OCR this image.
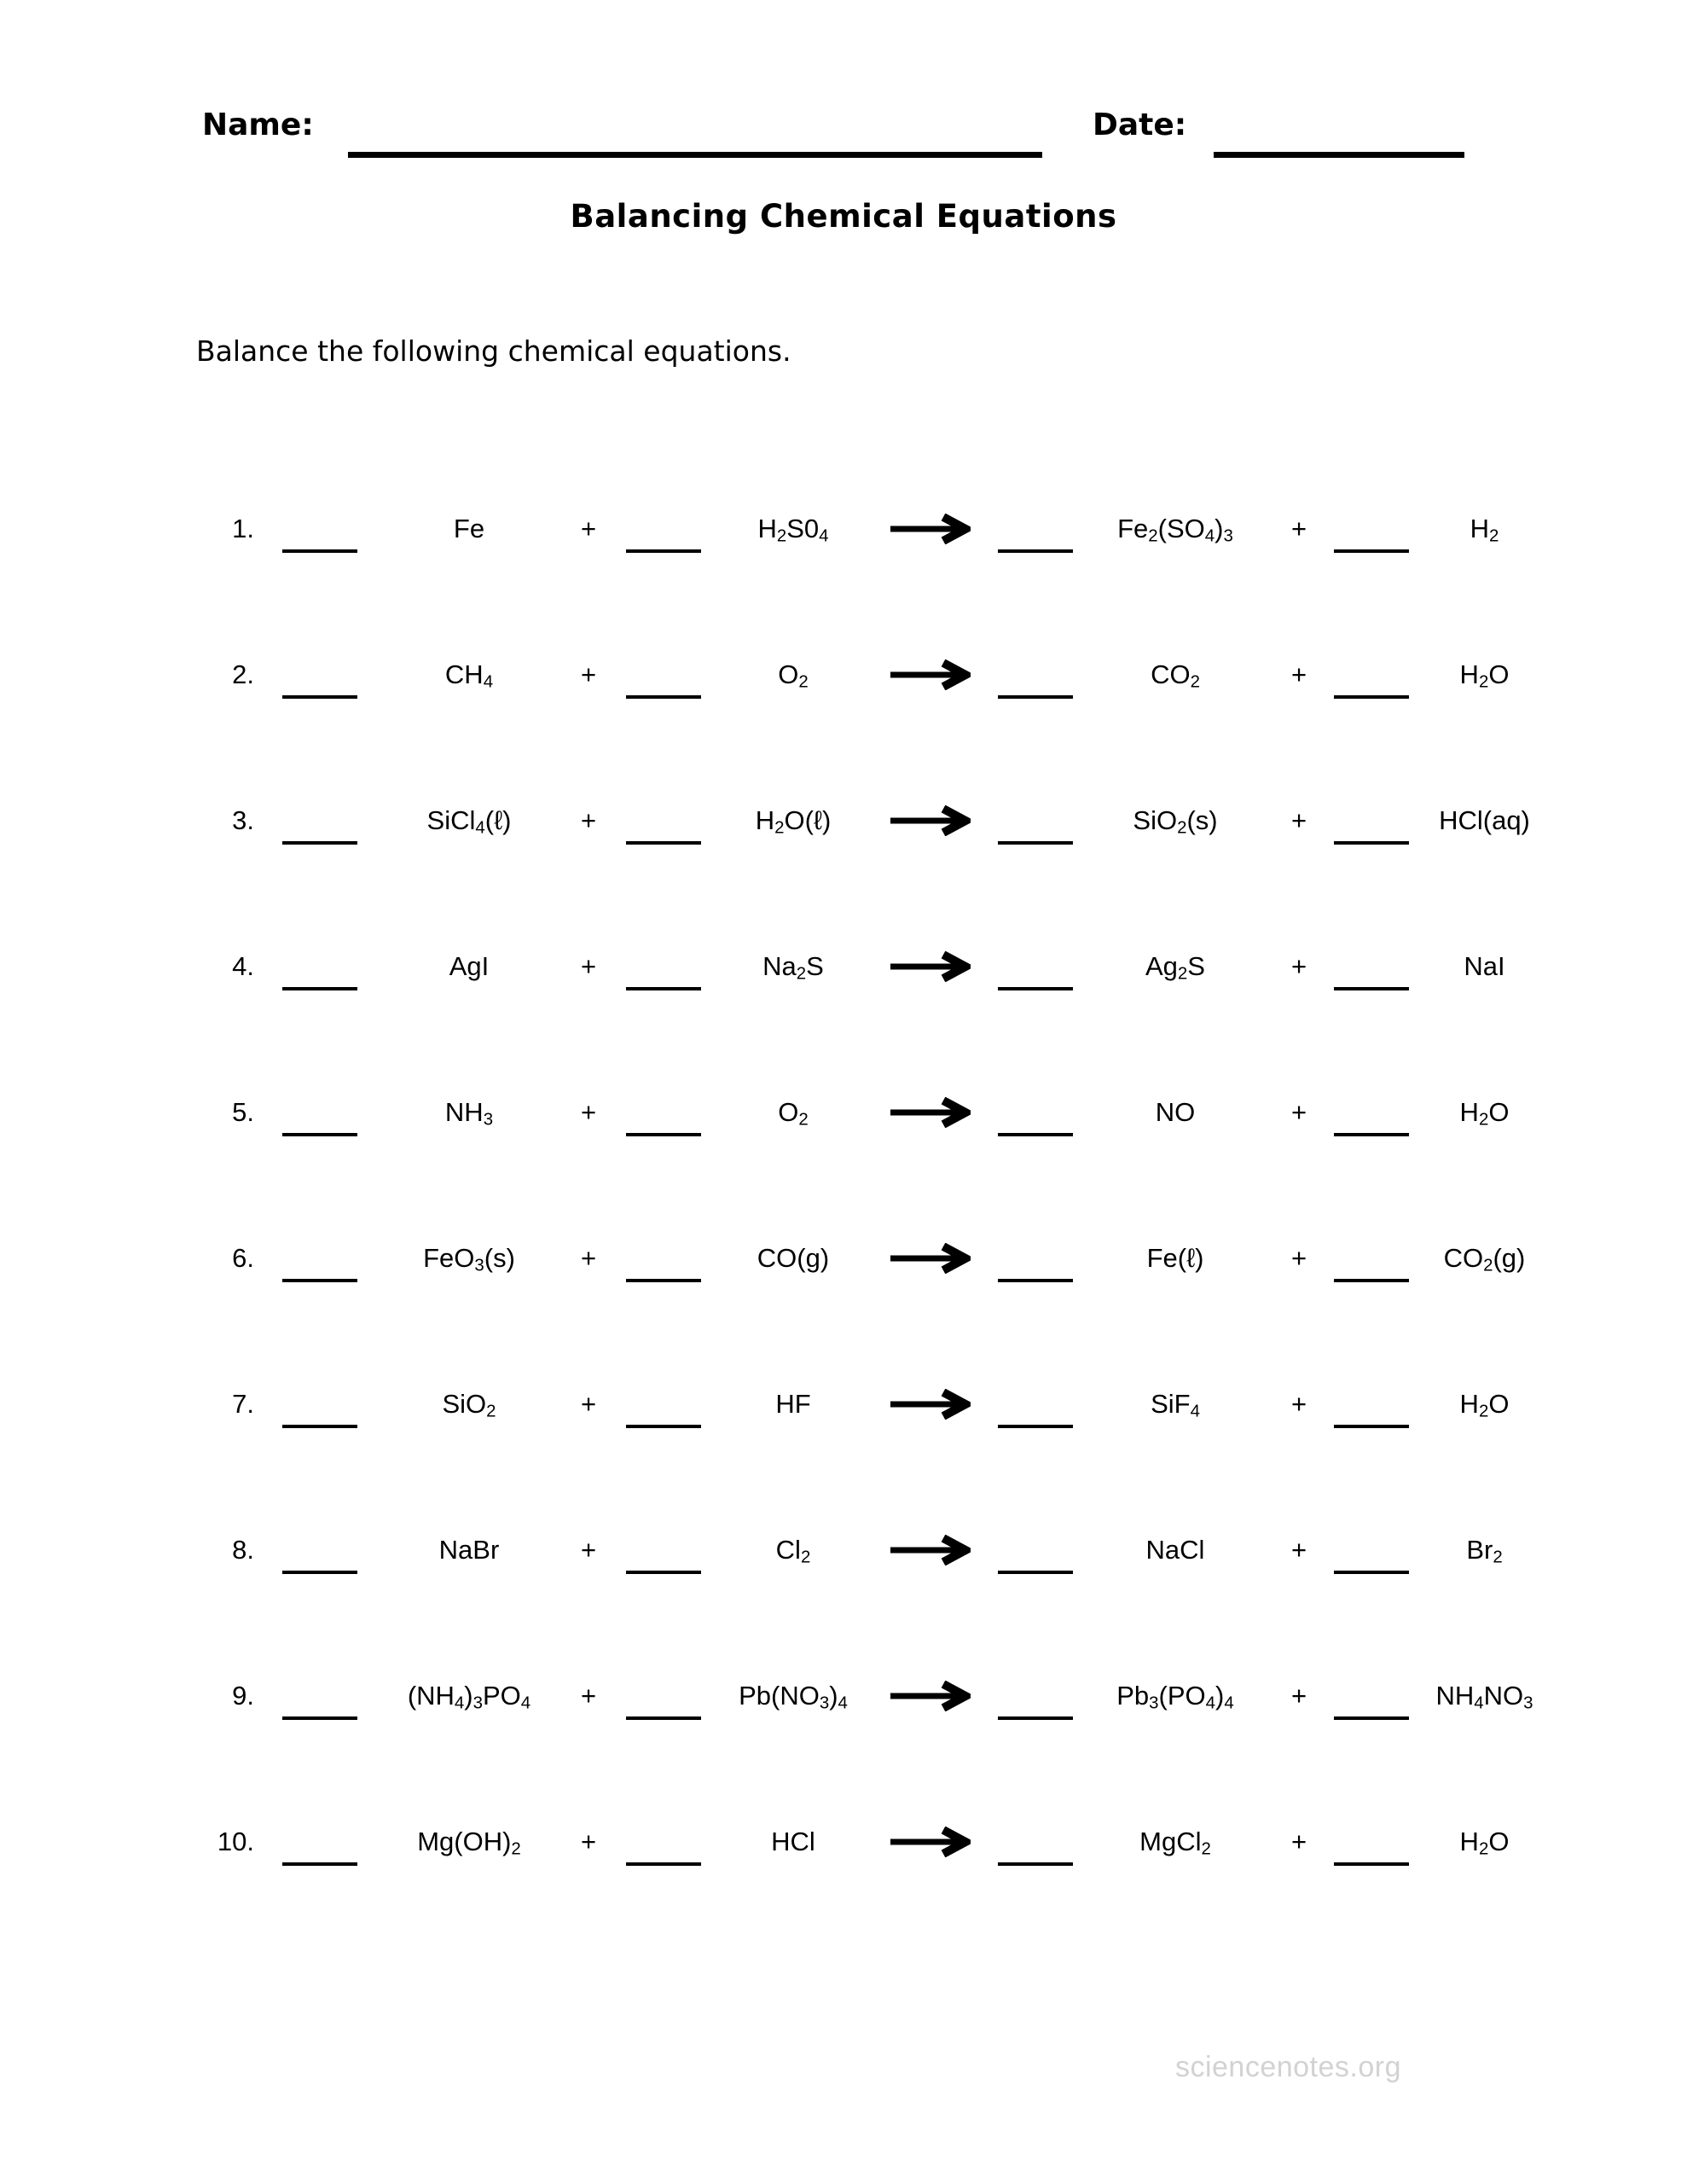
Name:	Date:
Balancing Chemical Equations
Balance the following chemical equations.
1.	Fe	+	$H_2S0_4$	$Fe_2(SO_4)_3$ +	$H_2$
2.	$CH_4$	+	$O_2$	$CO_2$	+	$H_2O$
3.	SiCl$_4$(ℓ)	+	$H_2O(\ell)$	SiO$_2$(s)	+	HCl(aq)
4.	AgI	+	$Na_2S$	$Ag_2S$	+	NaI
5.	$NH_3$	+	$O_2$	NO	+	$H_2O$
6.	FeO$_3$(s) +	CO(g)	Fe(ℓ)	+	$CO_2(g)$
7.	SiO$_2$	+	HF	SiF$_4$	+	$H_2O$
8.	NaBr	+	$Cl_2$	NaCl	+	$Br_2$
9.	$(NH_4)_3PO_4$ +	$Pb(NO_3)_4$	$Pb_3(PO_4)_4$ +	$NH_4NO_3$
10.	$Mg(OH)_2$ +	HCl	MgCl$_2$	+	$H_2O$
sciencenotes.org
